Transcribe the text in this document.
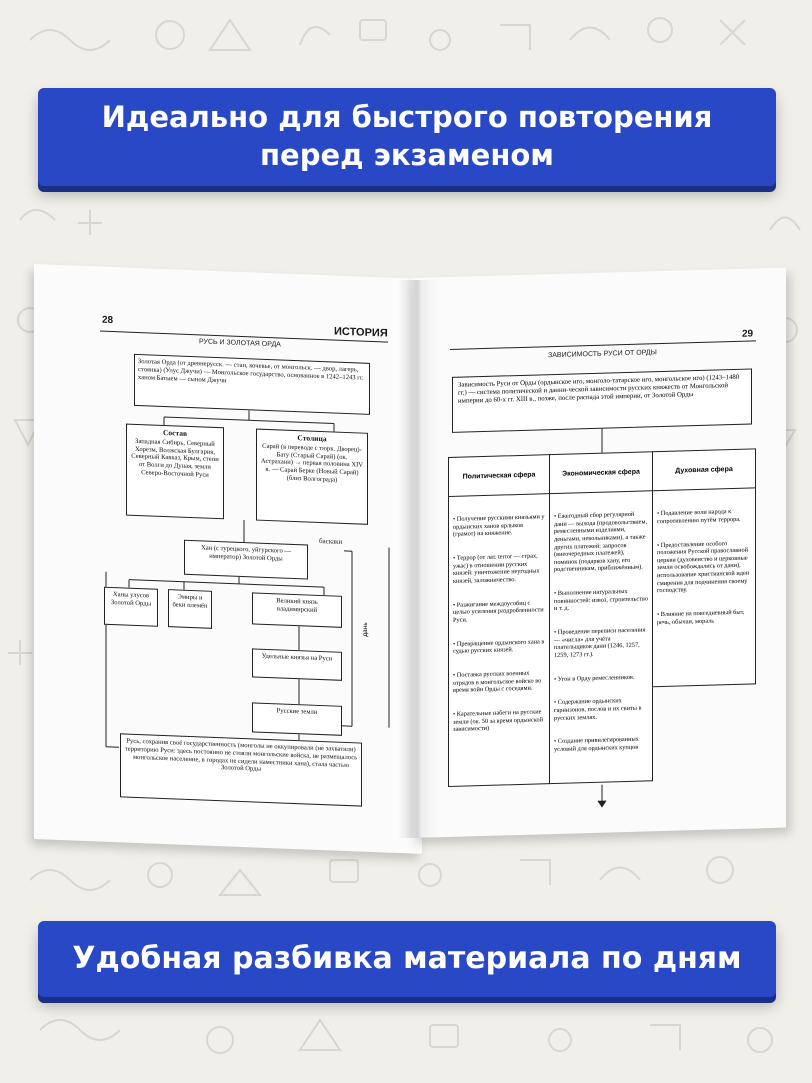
Идеально для быстрого повторения
перед экзаменом
Удобная разбивка материала по дням
28
ИСТОРИЯ
РУСЬ И ЗОЛОТАЯ ОРДА
Золотая Орда (от древнерусск. — стан, кочевье, от монгольск. — двор, лагерь, стоянка) (Улус Джучи) — Монгольское государство, основанное в 1242–1243 гг. ханом Батыем — сыном Джучи
Состав
Западная Сибирь, Северный Хорезм, Волжская Булгария, Северный Кавказ, Крым, степи от Волги до Дуная, земли Северо-Восточной Руси
Столица
Сарай (в переводе с тюрк. Дворец)-Бату (Старый Сарай) (ок. Астрахани) → первая половина XIV в. — Сарай Берке (Новый Сарай) (близ Волгограда)
баскаки
Хан (с турецкого, уйгурского — император) Золотой Орды
дань
Ханы улусов Золотой Орды
Эмиры и беки племён	Великий князь владимирский
Удельные князья на Руси
Русские земли
Русь, сохранив своё государственность (монголы не оккупировали (не захватили) территорию Руси: здесь постоянно не стояли монгольские войска, не размещалось монгольское население, в городах не сидели наместники хана), стала частью Золотой Орды
29
ЗАВИСИМОСТЬ РУСИ ОТ ОРДЫ
Зависимость Руси от Орды (ордынское иго, монголо-татарское иго, монгольское иго) (1243–1480 гг.) — система политической и данни-ческой зависимости русских княжеств от Монгольской империи до 60-х гг. XIII в., позже, после распада этой империи, от Золотой Орды
Политическая сфера

• Получение русскими князьями у ордынских ханов ярлыков (грамот) на княжение.

• Террор (от лат. terror — страх, ужас) в отношении русских князей: уничтожение неугодных князей, заложничество.

• Разжигание междоусобиц с целью усиления раздробленности Руси.

• Превращение ордынского хана в судью русских князей.

• Поставка русских военных отрядов в монгольское войско во время войн Орды с соседями.

• Карательные набеги на русские земли (ок. 50 за время ордынской зависимости)

Экономическая сфера

• Ежегодный сбор регулярной дани — выхода (продовольствием, ремесленными изделиями, деньгами, невольниками), а также других платежей: запросов (внеочередных платежей), поминок (подарков хану, его родственникам, приближённым).

• Выполнение натуральных повинностей: извоз, строительство и т. д.

• Проведение переписи населения — «числа» для учёта плательщиков дани (1246, 1257, 1259, 1273 гг.).

• Угон в Орду ремесленников.

• Содержание ордынских гарнизонов, послов и их свиты в русских землях.

• Создание привилегированных условий для ордынских купцов

Духовная сфера

• Подавление воли народа к сопротивлению путём террора.

• Предоставление особого положения Русской православной церкви (духовенство и церковные земли освобождались от дани), использование христианской идеи смирения для подчинения своему господству.

• Влияние на повседневный быт, речь, обычаи, мораль
